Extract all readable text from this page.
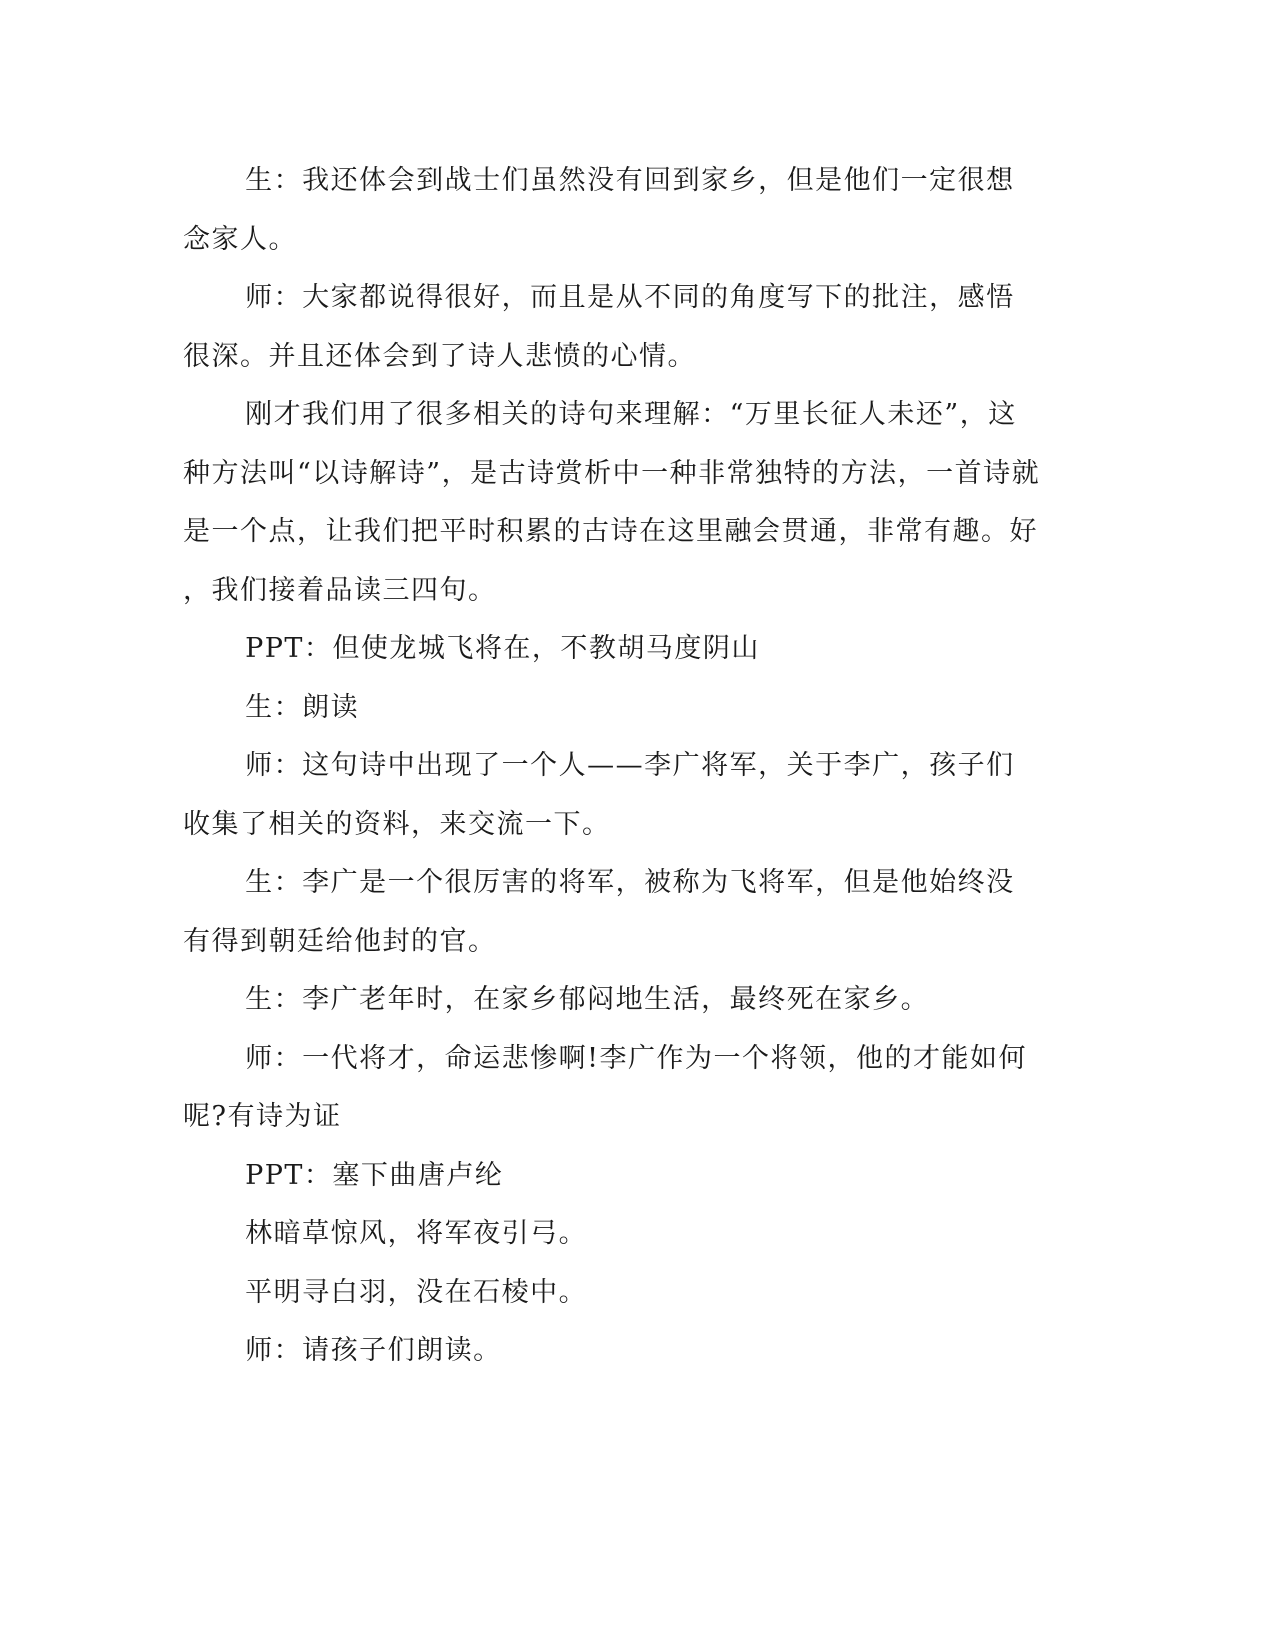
生：我还体会到战士们虽然没有回到家乡，但是他们一定很想念家人。

师：大家都说得很好，而且是从不同的角度写下的批注，感悟很深。并且还体会到了诗人悲愤的心情。

刚才我们用了很多相关的诗句来理解：“万里长征人未还”，这种方法叫“以诗解诗”，是古诗赏析中一种非常独特的方法，一首诗就是一个点，让我们把平时积累的古诗在这里融会贯通，非常有趣。好，我们接着品读三四句。

PPT：但使龙城飞将在，不教胡马度阴山

生：朗读

师：这句诗中出现了一个人——李广将军，关于李广，孩子们收集了相关的资料，来交流一下。

生：李广是一个很厉害的将军，被称为飞将军，但是他始终没有得到朝廷给他封的官。

生：李广老年时，在家乡郁闷地生活，最终死在家乡。

师：一代将才，命运悲惨啊!李广作为一个将领，他的才能如何呢?有诗为证

PPT：塞下曲唐卢纶

林暗草惊风，将军夜引弓。

平明寻白羽，没在石棱中。

师：请孩子们朗读。
